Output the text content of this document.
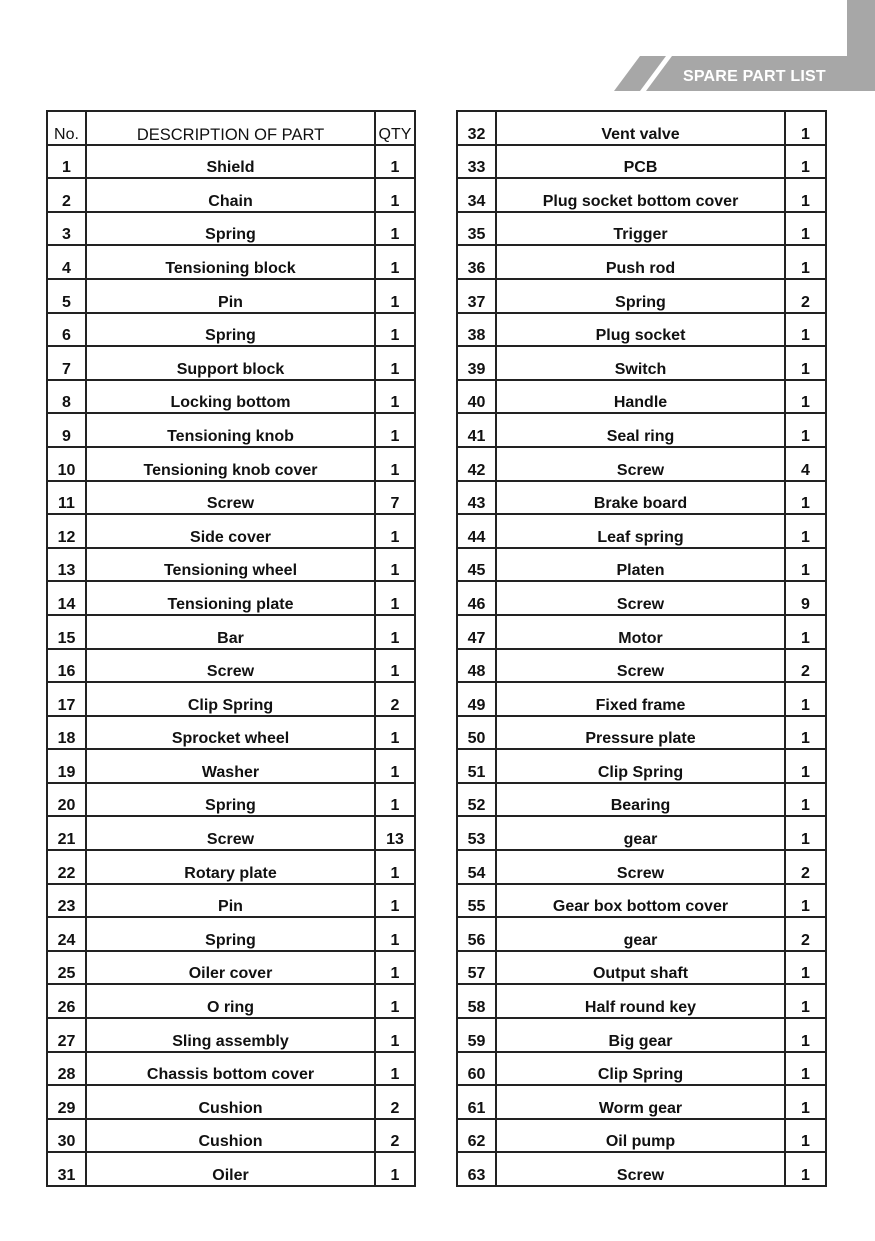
SPARE PART LIST
No.	DESCRIPTION OF PART	QTY

1	Shield	1

2	Chain	1

3	Spring	1

4	Tensioning block	1

5	Pin	1

6	Spring	1

7	Support block	1

8	Locking bottom	1

9	Tensioning knob	1

10	Tensioning knob cover	1

11	Screw	7

12	Side cover	1

13	Tensioning wheel	1

14	Tensioning plate	1

15	Bar	1

16	Screw	1

17	Clip Spring	2

18	Sprocket wheel	1

19	Washer	1

20	Spring	1

21	Screw	13

22	Rotary plate	1

23	Pin	1

24	Spring	1

25	Oiler cover	1

26	O ring	1

27	Sling assembly	1

28	Chassis bottom cover	1

29	Cushion	2

30	Cushion	2

31	Oiler	1
32	Vent valve	1

33	PCB	1

34	Plug socket bottom cover	1

35	Trigger	1

36	Push rod	1

37	Spring	2

38	Plug socket	1

39	Switch	1

40	Handle	1

41	Seal ring	1

42	Screw	4

43	Brake board	1

44	Leaf spring	1

45	Platen	1

46	Screw	9

47	Motor	1

48	Screw	2

49	Fixed frame	1

50	Pressure plate	1

51	Clip Spring	1

52	Bearing	1

53	gear	1

54	Screw	2

55	Gear box bottom cover	1

56	gear	2

57	Output shaft	1

58	Half round key	1

59	Big gear	1

60	Clip Spring	1

61	Worm gear	1

62	Oil pump	1

63	Screw	1
